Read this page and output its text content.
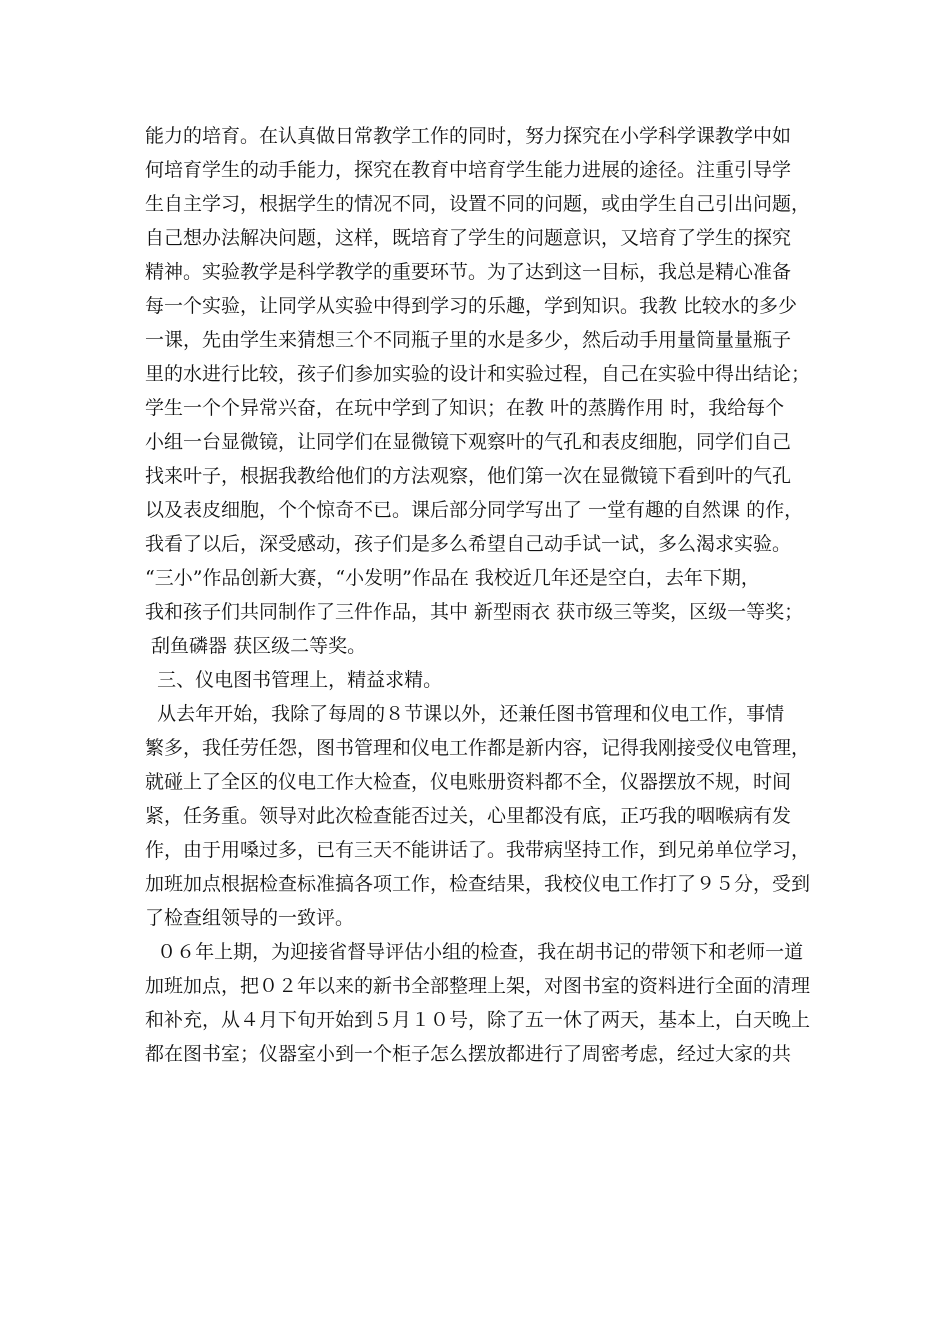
能力的培育。在认真做日常教学工作的同时，努力探究在小学科学课教学中如
何培育学生的动手能力，探究在教育中培育学生能力进展的途径。注重引导学
生自主学习，根据学生的情况不同，设置不同的问题，或由学生自己引出问题，
自己想办法解决问题，这样，既培育了学生的问题意识，又培育了学生的探究
精神。实验教学是科学教学的重要环节。为了达到这一目标，我总是精心准备
每一个实验，让同学从实验中得到学习的乐趣，学到知识。我教 比较水的多少
一课，先由学生来猜想三个不同瓶子里的水是多少，然后动手用量筒量量瓶子
里的水进行比较，孩子们参加实验的设计和实验过程，自己在实验中得出结论；
学生一个个异常兴奋，在玩中学到了知识；在教 叶的蒸腾作用 时，我给每个
小组一台显微镜，让同学们在显微镜下观察叶的气孔和表皮细胞，同学们自己
找来叶子，根据我教给他们的方法观察，他们第一次在显微镜下看到叶的气孔
以及表皮细胞，个个惊奇不已。课后部分同学写出了 一堂有趣的自然课 的作，
我看了以后，深受感动，孩子们是多么希望自己动手试一试，多么渴求实验。
“三小”作品创新大赛，“小发明”作品在 我校近几年还是空白，去年下期，
我和孩子们共同制作了三件作品，其中 新型雨衣 获市级三等奖，区级一等奖；
刮鱼磷器 获区级二等奖。
三、仪电图书管理上，精益求精。
从去年开始，我除了每周的８节课以外，还兼任图书管理和仪电工作，事情
繁多，我任劳任怨，图书管理和仪电工作都是新内容，记得我刚接受仪电管理，
就碰上了全区的仪电工作大检查，仪电账册资料都不全，仪器摆放不规，时间
紧，任务重。领导对此次检查能否过关，心里都没有底，正巧我的咽喉病有发
作，由于用嗓过多，已有三天不能讲话了。我带病坚持工作，到兄弟单位学习，
加班加点根据检查标准搞各项工作，检查结果，我校仪电工作打了９５分，受到
了检查组领导的一致评。
０６年上期，为迎接省督导评估小组的检查，我在胡书记的带领下和老师一道
加班加点，把０２年以来的新书全部整理上架，对图书室的资料进行全面的清理
和补充，从４月下旬开始到５月１０号，除了五一休了两天，基本上，白天晚上
都在图书室；仪器室小到一个柜子怎么摆放都进行了周密考虑，经过大家的共
